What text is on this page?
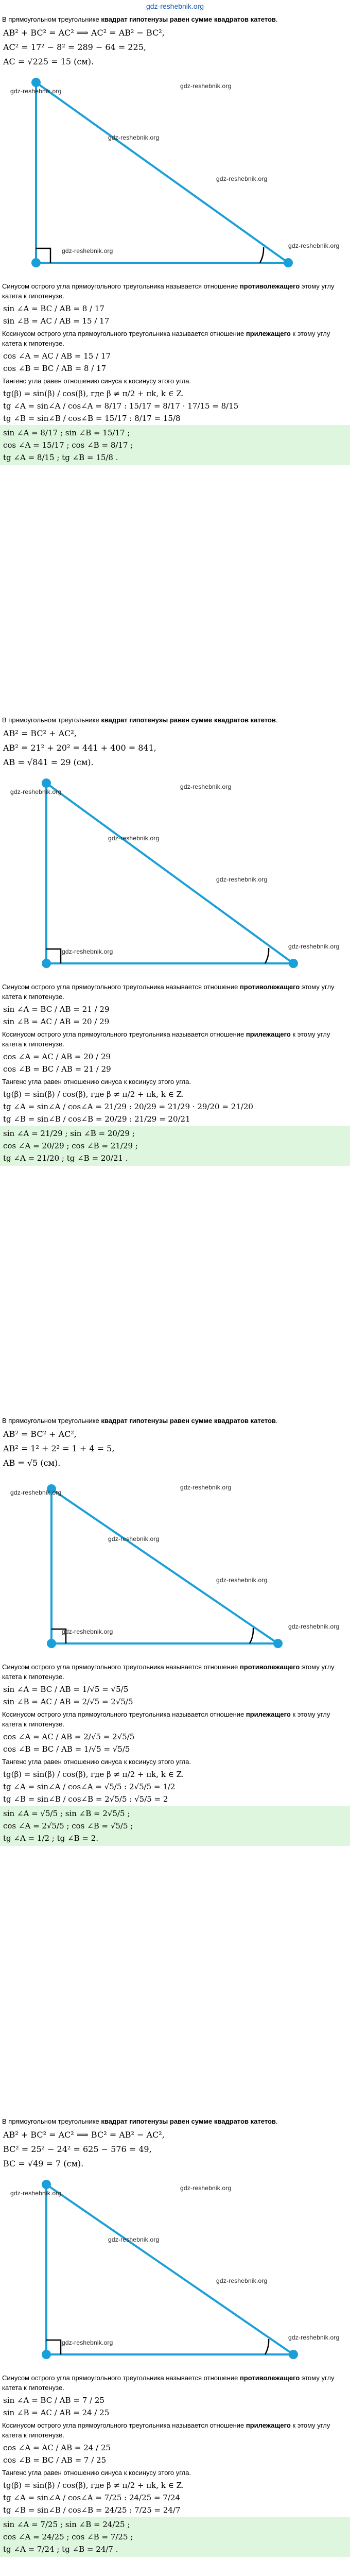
gdz-reshebnik.org
В прямоугольном треугольнике квадрат гипотенузы равен сумме квадратов катетов.
AB² + BC² = AC² ⟹ AC² = AB² − BC²,
AC² = 17² − 8² = 289 − 64 = 225,
AC = √225 = 15 (см).
gdz-reshebnik.org
gdz-reshebnik.org
gdz-reshebnik.org
gdz-reshebnik.org
gdz-reshebnik.org
gdz-reshebnik.org
Синусом острого угла прямоугольного треугольника называется отношение противолежащего этому углу катета к гипотенузе.
sin ∠A = BC / AB = 8 / 17
sin ∠B = AC / AB = 15 / 17
Косинусом острого угла прямоугольного треугольника называется отношение прилежащего к этому углу катета к гипотенузе.
cos ∠A = AC / AB = 15 / 17
cos ∠B = BC / AB = 8 / 17
Тангенс угла равен отношению синуса к косинусу этого угла.
tg(β) = sin(β) / cos(β), где β ≠ π/2 + πk, k ∈ Z.
tg ∠A = sin∠A / cos∠A = 8/17 : 15/17 = 8/17 · 17/15 = 8/15
tg ∠B = sin∠B / cos∠B = 15/17 : 8/17 = 15/8
sin ∠A = 8/17 ; sin ∠B = 15/17 ;
cos ∠A = 15/17 ; cos ∠B = 8/17 ;
tg ∠A = 8/15 ; tg ∠B = 15/8 .
В прямоугольном треугольнике квадрат гипотенузы равен сумме квадратов катетов.
AB² = BC² + AC²,
AB² = 21² + 20² = 441 + 400 = 841,
AB = √841 = 29 (см).
gdz-reshebnik.org
gdz-reshebnik.org
gdz-reshebnik.org
gdz-reshebnik.org
gdz-reshebnik.org
gdz-reshebnik.org
Синусом острого угла прямоугольного треугольника называется отношение противолежащего этому углу катета к гипотенузе.
sin ∠A = BC / AB = 21 / 29
sin ∠B = AC / AB = 20 / 29
Косинусом острого угла прямоугольного треугольника называется отношение прилежащего к этому углу катета к гипотенузе.
cos ∠A = AC / AB = 20 / 29
cos ∠B = BC / AB = 21 / 29
Тангенс угла равен отношению синуса к косинусу этого угла.
tg(β) = sin(β) / cos(β), где β ≠ π/2 + πk, k ∈ Z.
tg ∠A = sin∠A / cos∠A = 21/29 : 20/29 = 21/29 · 29/20 = 21/20
tg ∠B = sin∠B / cos∠B = 20/29 : 21/29 = 20/21
sin ∠A = 21/29 ; sin ∠B = 20/29 ;
cos ∠A = 20/29 ; cos ∠B = 21/29 ;
tg ∠A = 21/20 ; tg ∠B = 20/21 .
В прямоугольном треугольнике квадрат гипотенузы равен сумме квадратов катетов.
AB² = BC² + AC²,
AB² = 1² + 2² = 1 + 4 = 5,
AB = √5 (см).
gdz-reshebnik.org
gdz-reshebnik.org
gdz-reshebnik.org
gdz-reshebnik.org
gdz-reshebnik.org
gdz-reshebnik.org
Синусом острого угла прямоугольного треугольника называется отношение противолежащего этому углу катета к гипотенузе.
sin ∠A = BC / AB = 1/√5 = √5/5
sin ∠B = AC / AB = 2/√5 = 2√5/5
Косинусом острого угла прямоугольного треугольника называется отношение прилежащего к этому углу катета к гипотенузе.
cos ∠A = AC / AB = 2/√5 = 2√5/5
cos ∠B = BC / AB = 1/√5 = √5/5
Тангенс угла равен отношению синуса к косинусу этого угла.
tg(β) = sin(β) / cos(β), где β ≠ π/2 + πk, k ∈ Z.
tg ∠A = sin∠A / cos∠A = √5/5 : 2√5/5 = 1/2
tg ∠B = sin∠B / cos∠B = 2√5/5 : √5/5 = 2
sin ∠A = √5/5 ; sin ∠B = 2√5/5 ;
cos ∠A = 2√5/5 ; cos ∠B = √5/5 ;
tg ∠A = 1/2 ; tg ∠B = 2.
В прямоугольном треугольнике квадрат гипотенузы равен сумме квадратов катетов.
AB² + BC² = AC² ⟹ BC² = AB² − AC²,
BC² = 25² − 24² = 625 − 576 = 49,
BC = √49 = 7 (см).
gdz-reshebnik.org
gdz-reshebnik.org
gdz-reshebnik.org
gdz-reshebnik.org
gdz-reshebnik.org
gdz-reshebnik.org
Синусом острого угла прямоугольного треугольника называется отношение противолежащего этому углу катета к гипотенузе.
sin ∠A = BC / AB = 7 / 25
sin ∠B = AC / AB = 24 / 25
Косинусом острого угла прямоугольного треугольника называется отношение прилежащего к этому углу катета к гипотенузе.
cos ∠A = AC / AB = 24 / 25
cos ∠B = BC / AB = 7 / 25
Тангенс угла равен отношению синуса к косинусу этого угла.
tg(β) = sin(β) / cos(β), где β ≠ π/2 + πk, k ∈ Z.
tg ∠A = sin∠A / cos∠A = 7/25 : 24/25 = 7/24
tg ∠B = sin∠B / cos∠B = 24/25 : 7/25 = 24/7
sin ∠A = 7/25 ; sin ∠B = 24/25 ;
cos ∠A = 24/25 ; cos ∠B = 7/25 ;
tg ∠A = 7/24 ; tg ∠B = 24/7 .
